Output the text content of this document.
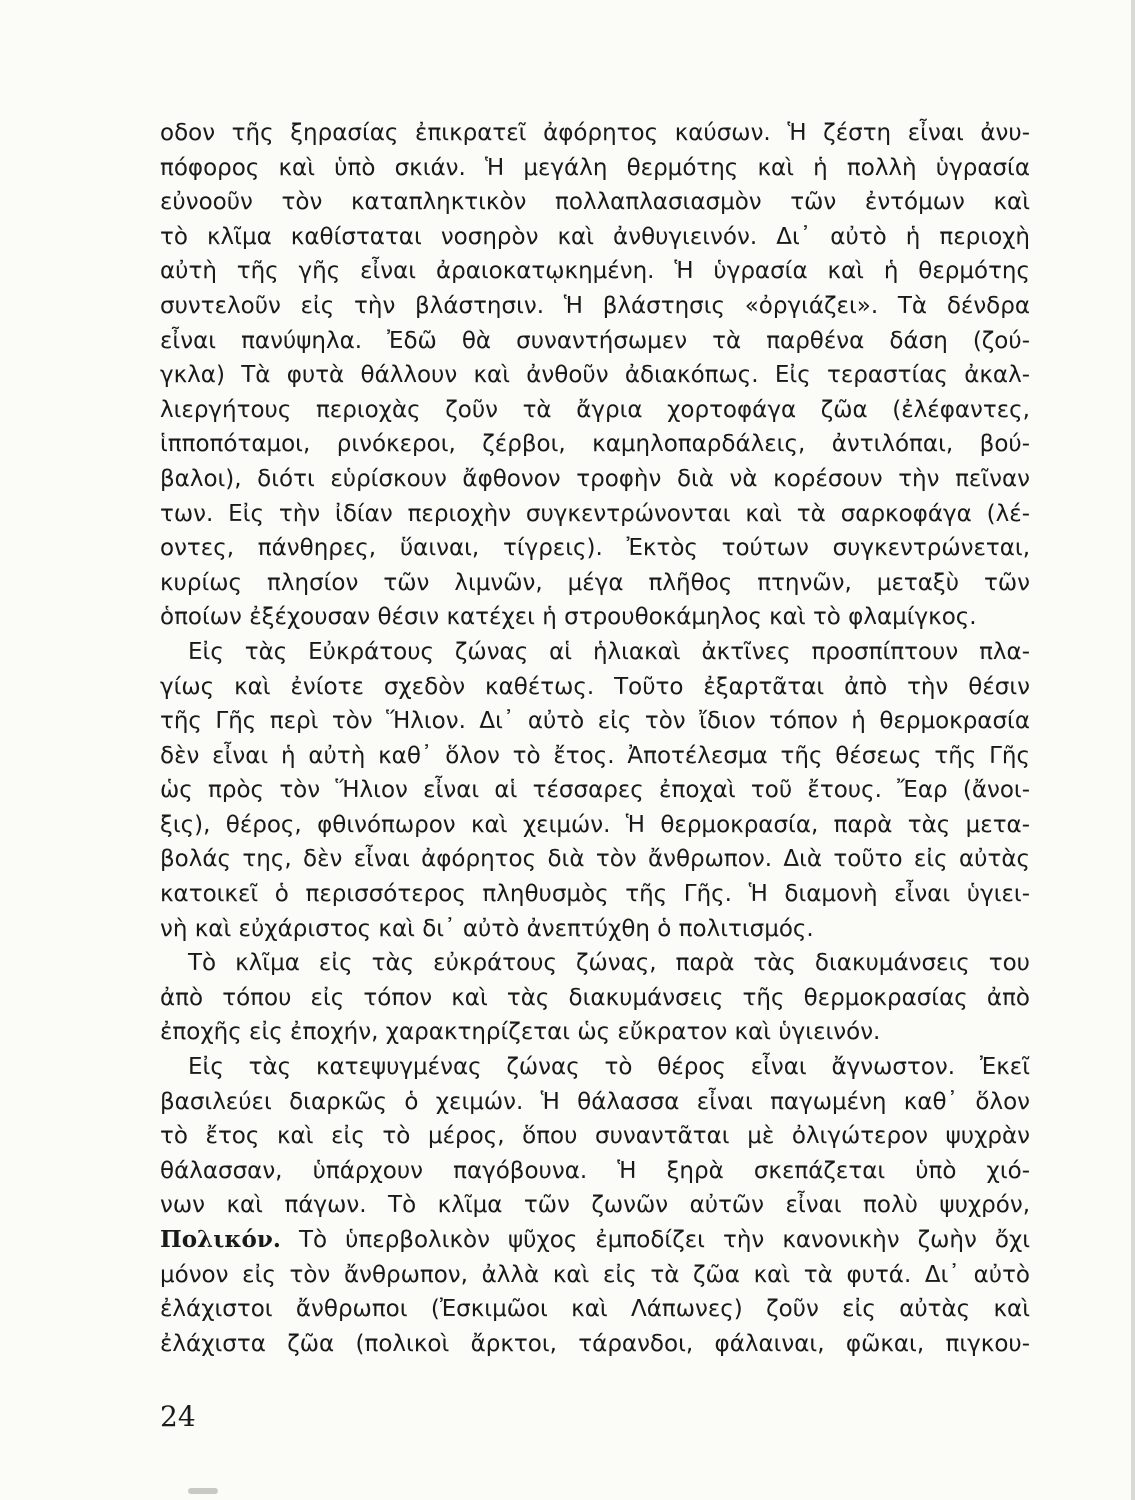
οδον τῆς ξηρασίας ἐπικρατεῖ ἀφόρητος καύσων. Ἡ ζέστη εἶναι ἀνυ-
πόφορος καὶ ὑπὸ σκιάν. Ἡ μεγάλη θερμότης καὶ ἡ πολλὴ ὑγρασία
εὐνοοῦν τὸν καταπληκτικὸν πολλαπλασιασμὸν τῶν ἐντόμων καὶ
τὸ κλῖμα καθίσταται νοσηρὸν καὶ ἀνθυγιεινόν. Δι᾽ αὐτὸ ἡ περιοχὴ
αὐτὴ τῆς γῆς εἶναι ἀραιοκατῳκημένη. Ἡ ὑγρασία καὶ ἡ θερμότης
συντελοῦν εἰς τὴν βλάστησιν. Ἡ βλάστησις «ὀργιάζει». Τὰ δένδρα
εἶναι πανύψηλα. Ἐδῶ θὰ συναντήσωμεν τὰ παρθένα δάση (ζού-
γκλα) Τὰ φυτὰ θάλλουν καὶ ἀνθοῦν ἀδιακόπως. Εἰς τεραστίας ἀκαλ-
λιεργήτους περιοχὰς ζοῦν τὰ ἄγρια χορτοφάγα ζῶα (ἐλέφαντες,
ἱπποπόταμοι, ρινόκεροι, ζέρβοι, καμηλοπαρδάλεις, ἀντιλόπαι, βού-
βαλοι), διότι εὑρίσκουν ἄφθονον τροφὴν διὰ νὰ κορέσουν τὴν πεῖναν
των. Εἰς τὴν ἰδίαν περιοχὴν συγκεντρώνονται καὶ τὰ σαρκοφάγα (λέ-
οντες, πάνθηρες, ὕαιναι, τίγρεις). Ἐκτὸς τούτων συγκεντρώνεται,
κυρίως πλησίον τῶν λιμνῶν, μέγα πλῆθος πτηνῶν, μεταξὺ τῶν
ὁποίων ἐξέχουσαν θέσιν κατέχει ἡ στρουθοκάμηλος καὶ τὸ φλαμίγκος.
Εἰς τὰς Εὐκράτους ζώνας αἱ ἡλιακαὶ ἀκτῖνες προσπίπτουν πλα-
γίως καὶ ἐνίοτε σχεδὸν καθέτως. Τοῦτο ἐξαρτᾶται ἀπὸ τὴν θέσιν
τῆς Γῆς περὶ τὸν Ἥλιον. Δι᾽ αὐτὸ εἰς τὸν ἴδιον τόπον ἡ θερμοκρασία
δὲν εἶναι ἡ αὐτὴ καθ᾽ ὅλον τὸ ἔτος. Ἀποτέλεσμα τῆς θέσεως τῆς Γῆς
ὡς πρὸς τὸν Ἥλιον εἶναι αἱ τέσσαρες ἐποχαὶ τοῦ ἔτους. Ἔαρ (ἄνοι-
ξις), θέρος, φθινόπωρον καὶ χειμών. Ἡ θερμοκρασία, παρὰ τὰς μετα-
βολάς της, δὲν εἶναι ἀφόρητος διὰ τὸν ἄνθρωπον. Διὰ τοῦτο εἰς αὐτὰς
κατοικεῖ ὁ περισσότερος πληθυσμὸς τῆς Γῆς. Ἡ διαμονὴ εἶναι ὑγιει-
νὴ καὶ εὐχάριστος καὶ δι᾽ αὐτὸ ἀνεπτύχθη ὁ πολιτισμός.
Τὸ κλῖμα εἰς τὰς εὐκράτους ζώνας, παρὰ τὰς διακυμάνσεις του
ἀπὸ τόπου εἰς τόπον καὶ τὰς διακυμάνσεις τῆς θερμοκρασίας ἀπὸ
ἐποχῆς εἰς ἐποχήν, χαρακτηρίζεται ὡς εὔκρατον καὶ ὑγιεινόν.
Εἰς τὰς κατεψυγμένας ζώνας τὸ θέρος εἶναι ἄγνωστον. Ἐκεῖ
βασιλεύει διαρκῶς ὁ χειμών. Ἡ θάλασσα εἶναι παγωμένη καθ᾽ ὅλον
τὸ ἔτος καὶ εἰς τὸ μέρος, ὅπου συναντᾶται μὲ ὀλιγώτερον ψυχρὰν
θάλασσαν, ὑπάρχουν παγόβουνα. Ἡ ξηρὰ σκεπάζεται ὑπὸ χιό-
νων καὶ πάγων. Τὸ κλῖμα τῶν ζωνῶν αὐτῶν εἶναι πολὺ ψυχρόν,
Πολικόν. Τὸ ὑπερβολικὸν ψῦχος ἐμποδίζει τὴν κανονικὴν ζωὴν ὄχι
μόνον εἰς τὸν ἄνθρωπον, ἀλλὰ καὶ εἰς τὰ ζῶα καὶ τὰ φυτά. Δι᾽ αὐτὸ
ἐλάχιστοι ἄνθρωποι (Ἐσκιμῶοι καὶ Λάπωνες) ζοῦν εἰς αὐτὰς καὶ
ἐλάχιστα ζῶα (πολικοὶ ἄρκτοι, τάρανδοι, φάλαιναι, φῶκαι, πιγκου-
24
